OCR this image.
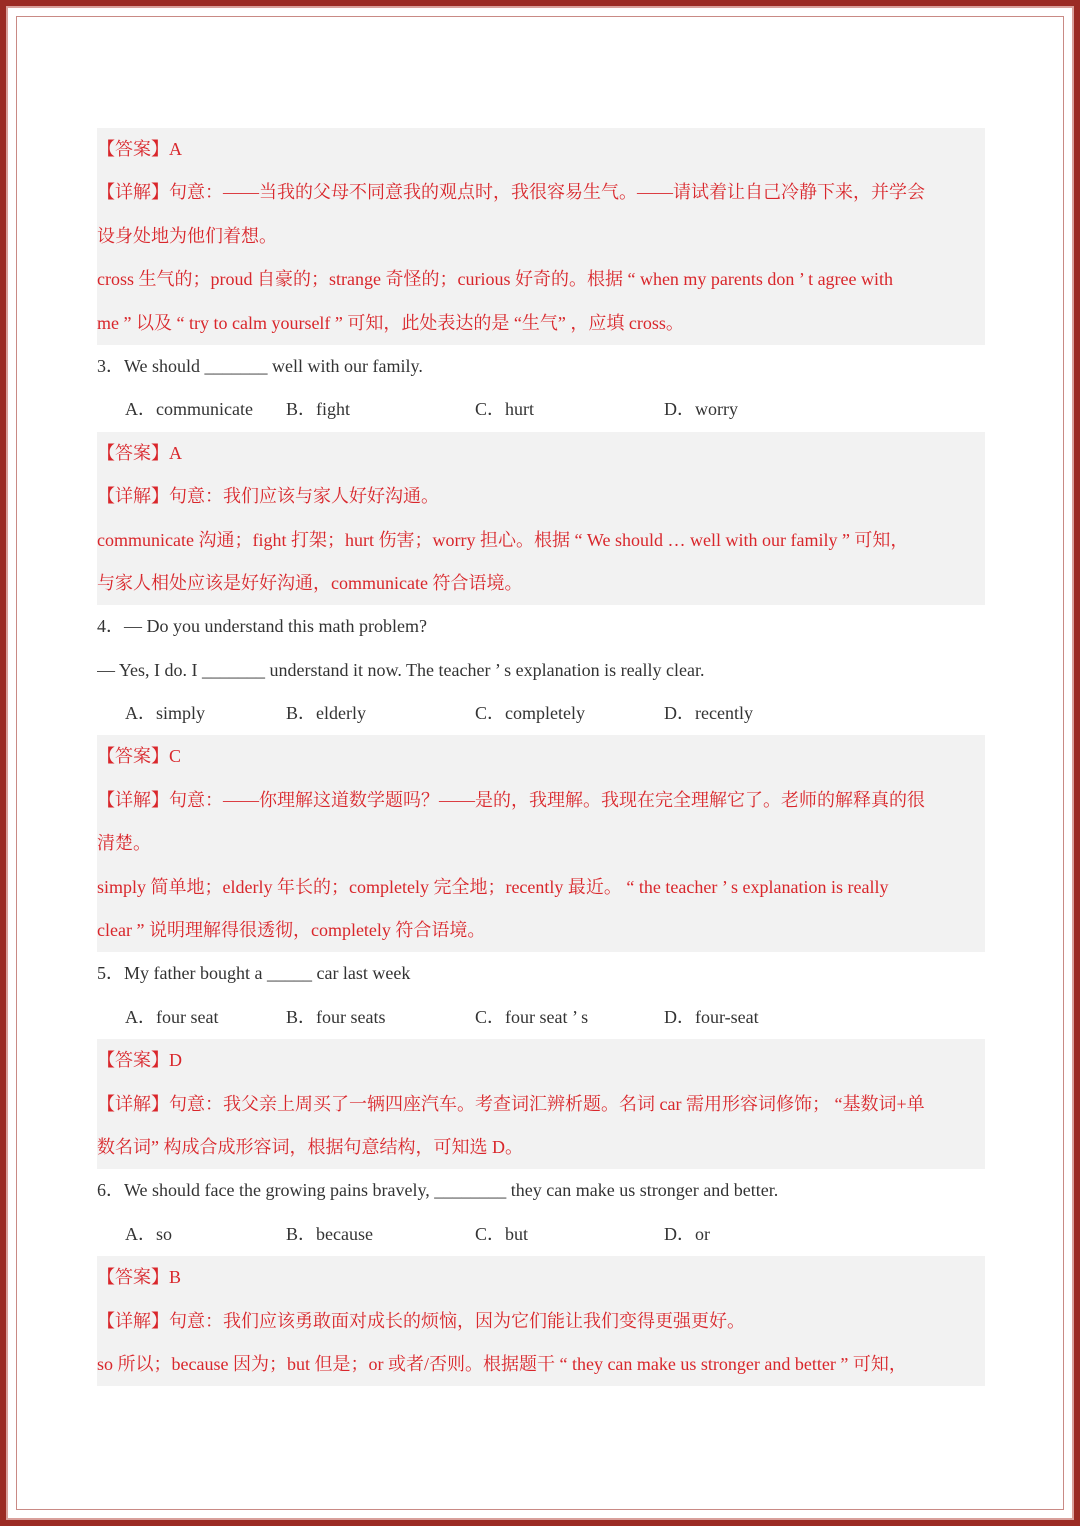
【答案】A
【详解】句意：——当我的父母不同意我的观点时，我很容易生气。——请试着让自己冷静下来，并学会
设身处地为他们着想。
cross 生气的；proud 自豪的；strange 奇怪的；curious 好奇的。根据 “ when my parents don ’ t agree with
me ” 以及 “ try to calm yourself ” 可知，此处表达的是 “生气” ，应填 cross。
3．We should _______ well with our family.
A．communicate B．fight	C．hurt	D．worry
【答案】A
【详解】句意：我们应该与家人好好沟通。
communicate 沟通；fight 打架；hurt 伤害；worry 担心。根据 “ We should … well with our family ” 可知，
与家人相处应该是好好沟通，communicate 符合语境。
4．— Do you understand this math problem?
— Yes, I do. I _______ understand it now. The teacher ’ s explanation is really clear.
A．simply	B．elderly	C．completely	D．recently
【答案】C
【详解】句意：——你理解这道数学题吗？——是的，我理解。我现在完全理解它了。老师的解释真的很
清楚。
simply 简单地；elderly 年长的；completely 完全地；recently 最近。 “ the teacher ’ s explanation is really
clear ” 说明理解得很透彻，completely 符合语境。
5．My father bought a _____ car last week
A．four seat	B．four seats	C．four seat ’ s	D．four-seat
【答案】D
【详解】句意：我父亲上周买了一辆四座汽车。考查词汇辨析题。名词 car 需用形容词修饰； “基数词+单
数名词” 构成合成形容词，根据句意结构，可知选 D。
6．We should face the growing pains bravely, ________ they can make us stronger and better.
A．so	B．because	C．but	D．or
【答案】B
【详解】句意：我们应该勇敢面对成长的烦恼，因为它们能让我们变得更强更好。
so 所以；because 因为；but 但是；or 或者/否则。根据题干 “ they can make us stronger and better ” 可知，
